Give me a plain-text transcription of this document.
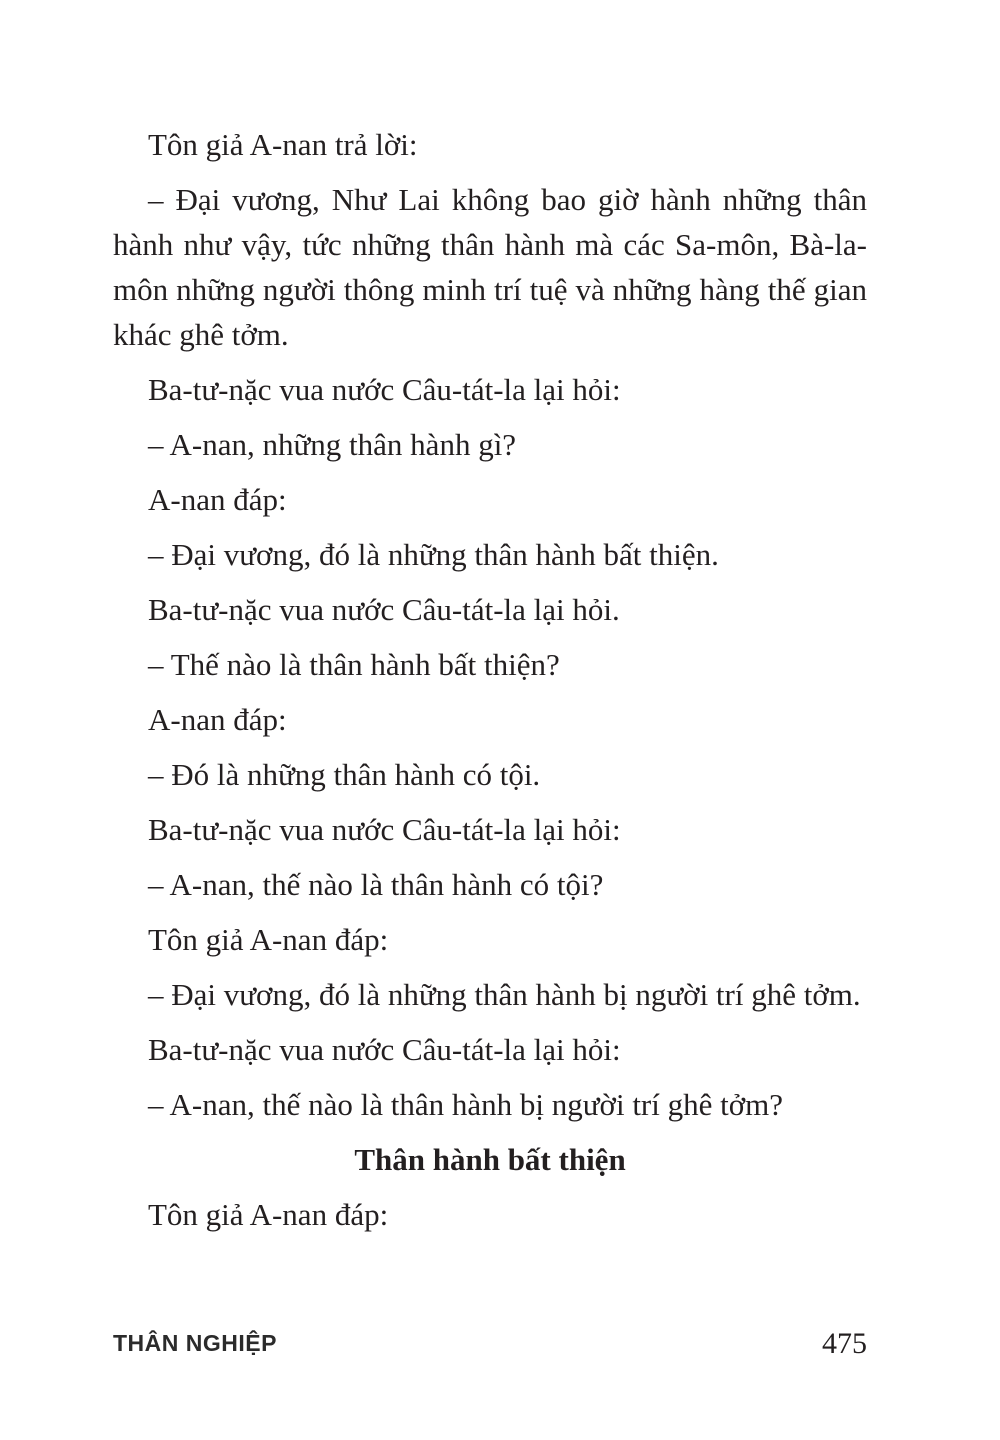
Tôn giả A-nan trả lời:

– Đại vương, Như Lai không bao giờ hành những thân hành như vậy, tức những thân hành mà các Sa-môn, Bà-la-môn những người thông minh trí tuệ và những hàng thế gian khác ghê tởm.

Ba-tư-nặc vua nước Câu-tát-la lại hỏi:

– A-nan, những thân hành gì?

A-nan đáp:

– Đại vương, đó là những thân hành bất thiện.

Ba-tư-nặc vua nước Câu-tát-la lại hỏi.

– Thế nào là thân hành bất thiện?

A-nan đáp:

– Đó là những thân hành có tội.

Ba-tư-nặc vua nước Câu-tát-la lại hỏi:

– A-nan, thế nào là thân hành có tội?

Tôn giả A-nan đáp:

– Đại vương, đó là những thân hành bị người trí ghê tởm.

Ba-tư-nặc vua nước Câu-tát-la lại hỏi:

– A-nan, thế nào là thân hành bị người trí ghê tởm?

Thân hành bất thiện

Tôn giả A-nan đáp:

THÂN NGHIỆP	475
